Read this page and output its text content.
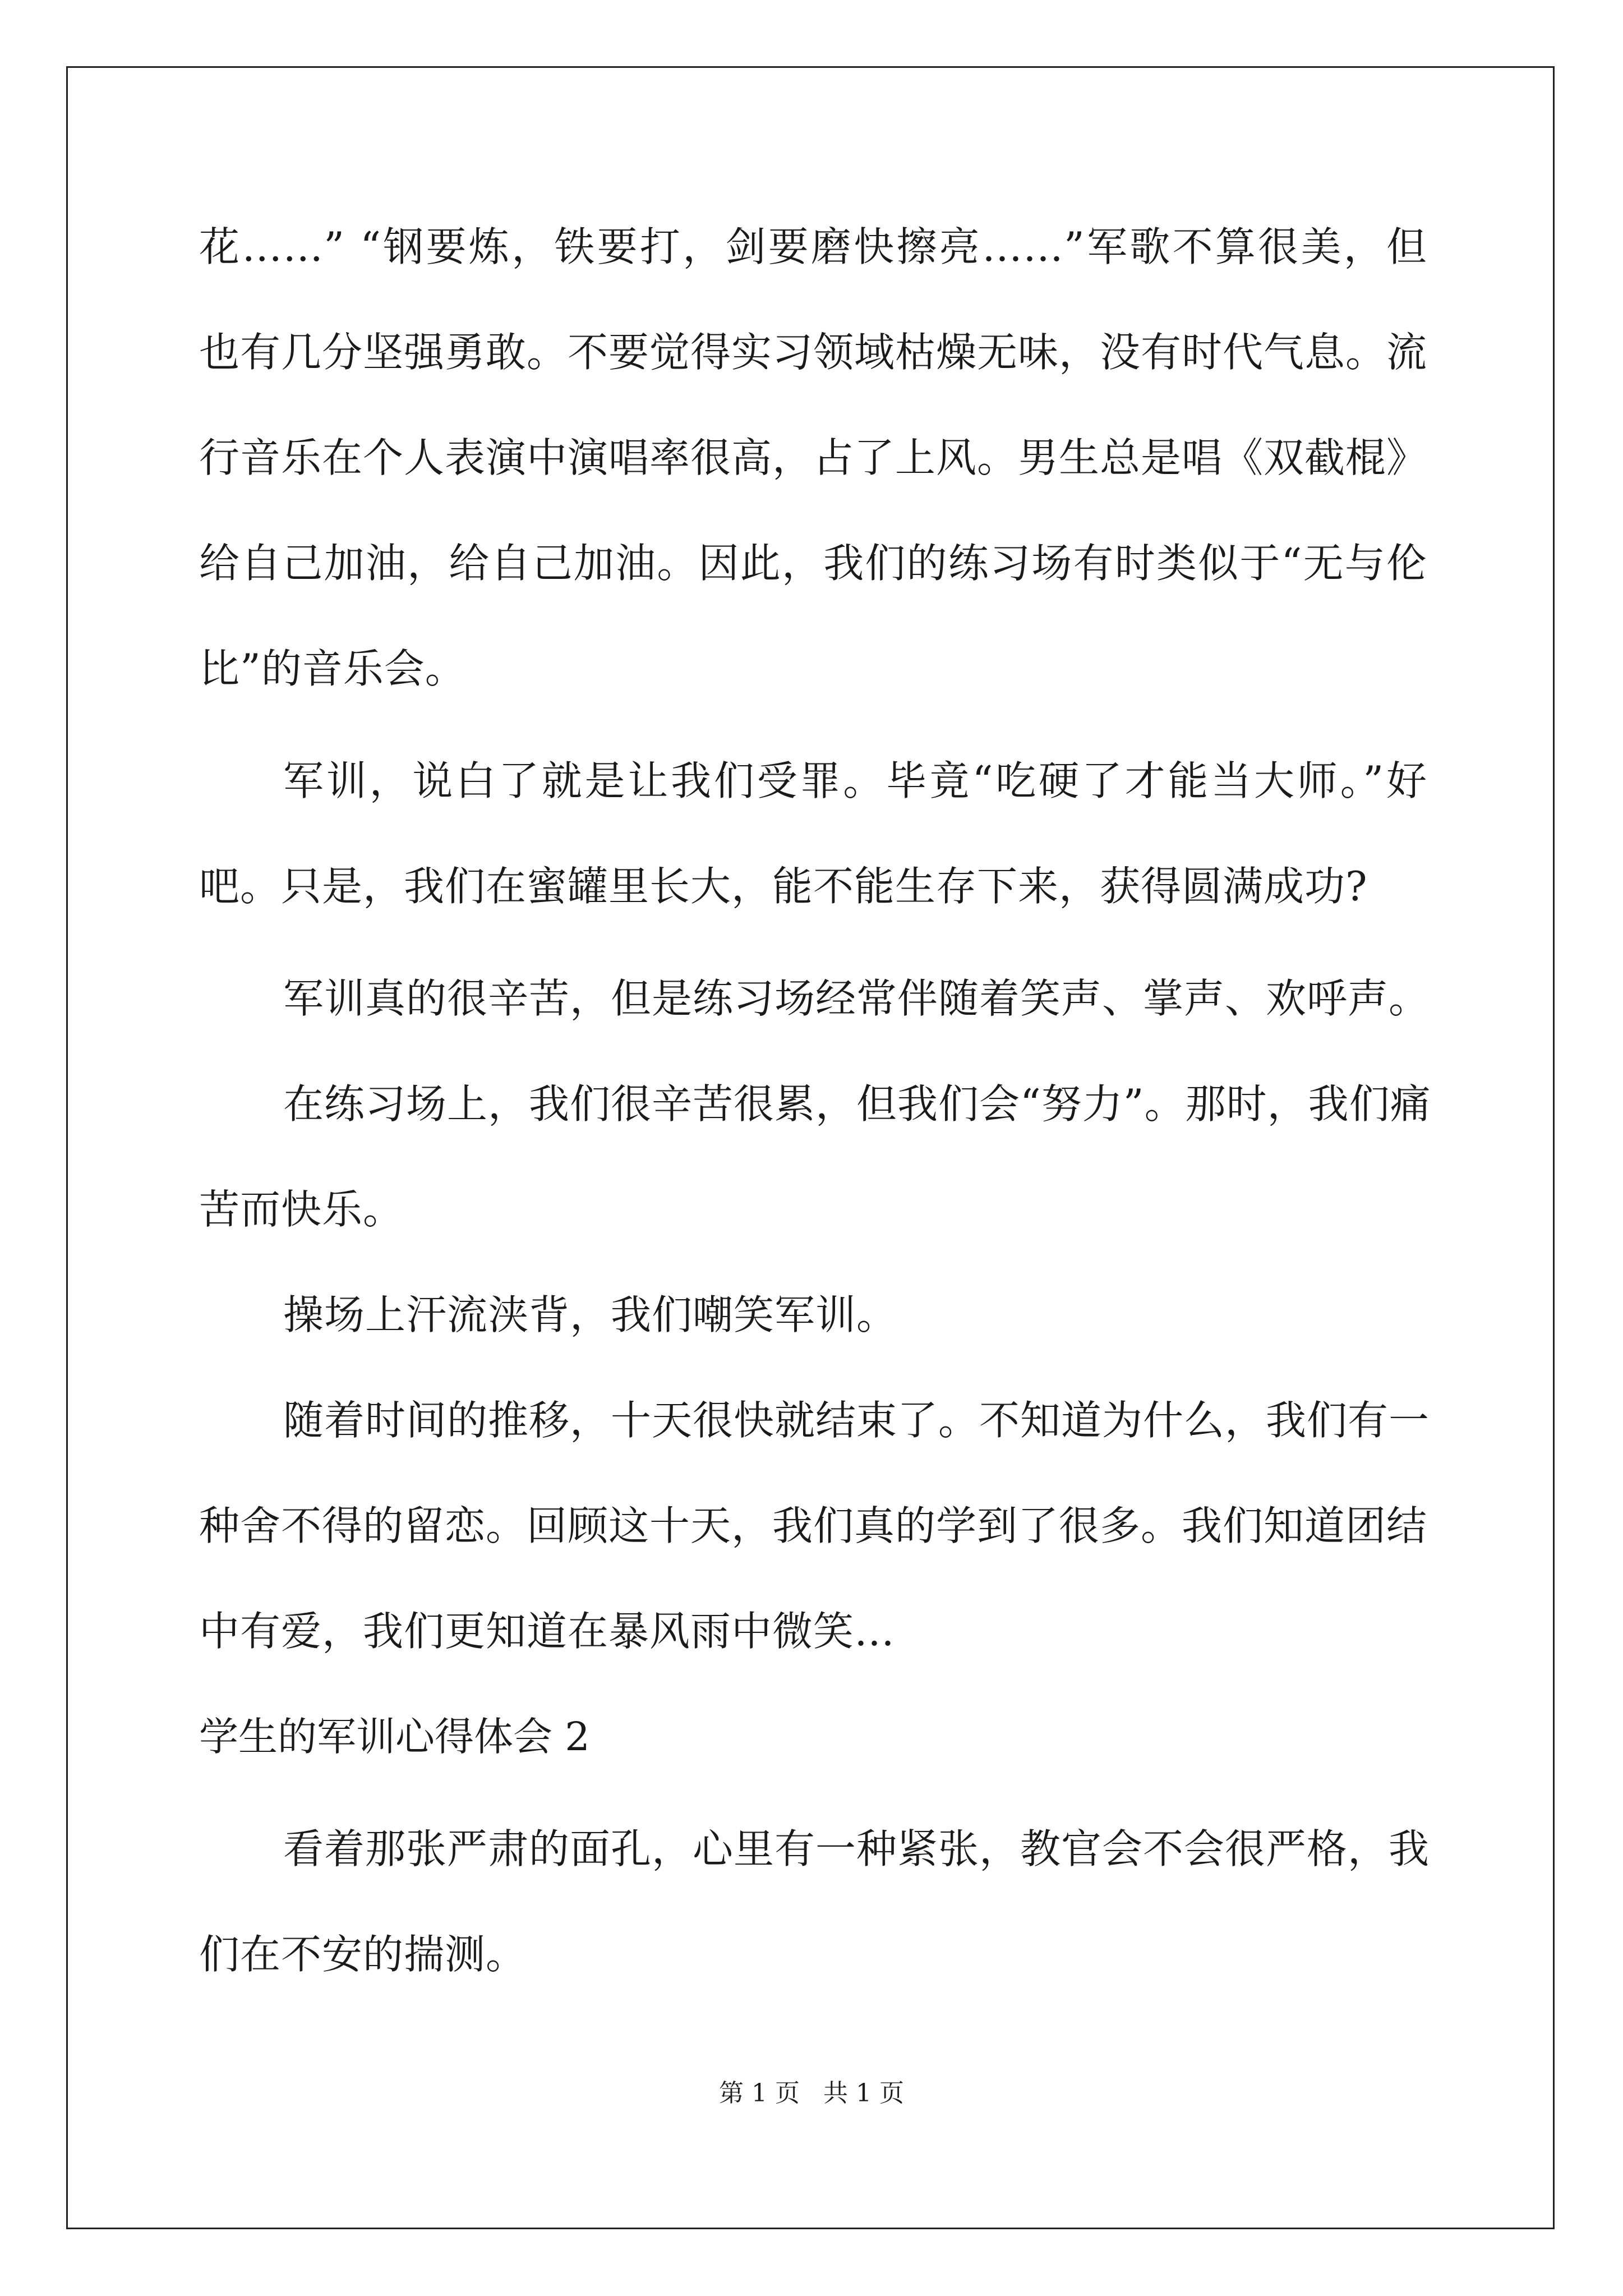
花……” “钢要炼，铁要打，剑要磨快擦亮……”军歌不算很美，但
也有几分坚强勇敢。不要觉得实习领域枯燥无味，没有时代气息。流
行音乐在个人表演中演唱率很高，占了上风。男生总是唱《双截棍》
给自己加油，给自己加油。因此，我们的练习场有时类似于“无与伦
比”的音乐会。
军训，说白了就是让我们受罪。毕竟“吃硬了才能当大师。”好
吧。只是，我们在蜜罐里长大，能不能生存下来，获得圆满成功?
军训真的很辛苦，但是练习场经常伴随着笑声、掌声、欢呼声。
在练习场上，我们很辛苦很累，但我们会“努力”。那时，我们痛
苦而快乐。
操场上汗流浃背，我们嘲笑军训。
随着时间的推移，十天很快就结束了。不知道为什么，我们有一
种舍不得的留恋。回顾这十天，我们真的学到了很多。我们知道团结
中有爱，我们更知道在暴风雨中微笑…
学生的军训心得体会 2
看着那张严肃的面孔，心里有一种紧张，教官会不会很严格，我
们在不安的揣测。
第 1 页   共 1 页
